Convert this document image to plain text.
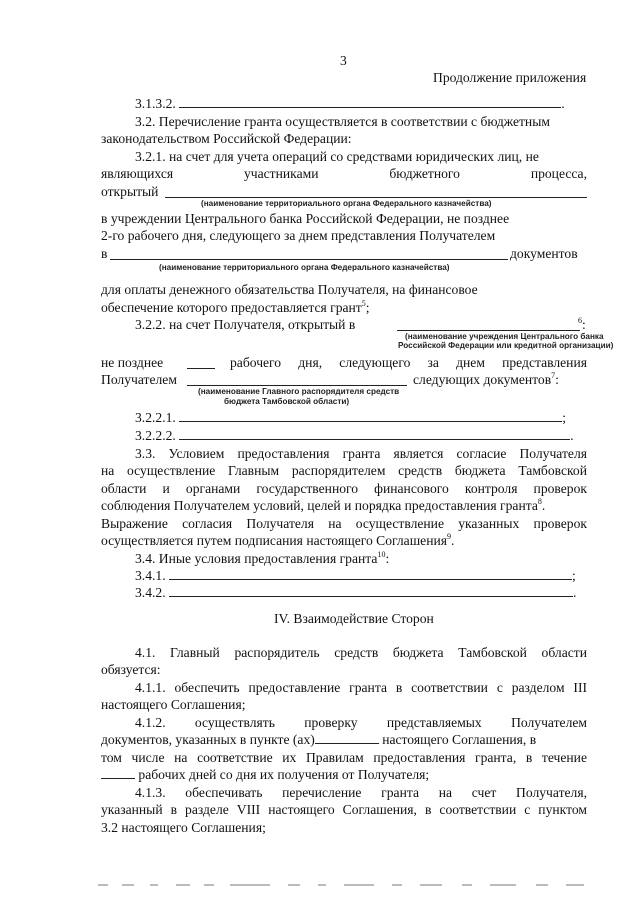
3
Продолжение приложения
3.1.3.2.	.
3.2. Перечисление гранта осуществляется в соответствии с бюджетным
законодательством Российской Федерации:
3.2.1. на счет для учета операций со средствами юридических лиц, не
являющихся	участниками	бюджетного	процесса,
открытый
(наименование территориального органа Федерального казначейства)
в учреждении Центрального банка Российской Федерации, не позднее
2-го рабочего дня, следующего за днем представления Получателем
в	документов
(наименование территориального органа Федерального казначейства)
для оплаты денежного обязательства Получателя, на финансовое
обеспечение которого предоставляется грант$^5$;
3.2.2. на счет Получателя, открытый в	$^6$:
(наименование учреждения Центрального банка
Российской Федерации или кредитной организации)
не позднее	рабочего дня, следующего за днем представления
Получателем	следующих документов$^7$:
(наименование Главного распорядителя средств
бюджета Тамбовской области)
3.2.2.1.	;
3.2.2.2.	.
3.3. Условием предоставления гранта является согласие Получателя
на осуществление Главным распорядителем средств бюджета Тамбовской
области и органами государственного финансового контроля проверок
соблюдения Получателем условий, целей и порядка предоставления гранта$^8$.
Выражение согласия Получателя на осуществление указанных проверок
осуществляется путем подписания настоящего Соглашения$^9$.
3.4. Иные условия предоставления гранта$^{10}$:
3.4.1.	;
3.4.2.	.
IV. Взаимодействие Сторон
4.1. Главный распорядитель средств бюджета Тамбовской области
обязуется:
4.1.1. обеспечить предоставление гранта в соответствии с разделом III
настоящего Соглашения;
4.1.2. осуществлять проверку представляемых Получателем
документов, указанных в пункте (ах)	настоящего Соглашения, в
том числе на соответствие их Правилам предоставления гранта, в течение
рабочих дней со дня их получения от Получателя;
4.1.3. обеспечивать перечисление гранта на счет Получателя,
указанный в разделе VIII настоящего Соглашения, в соответствии с пунктом
3.2 настоящего Соглашения;
